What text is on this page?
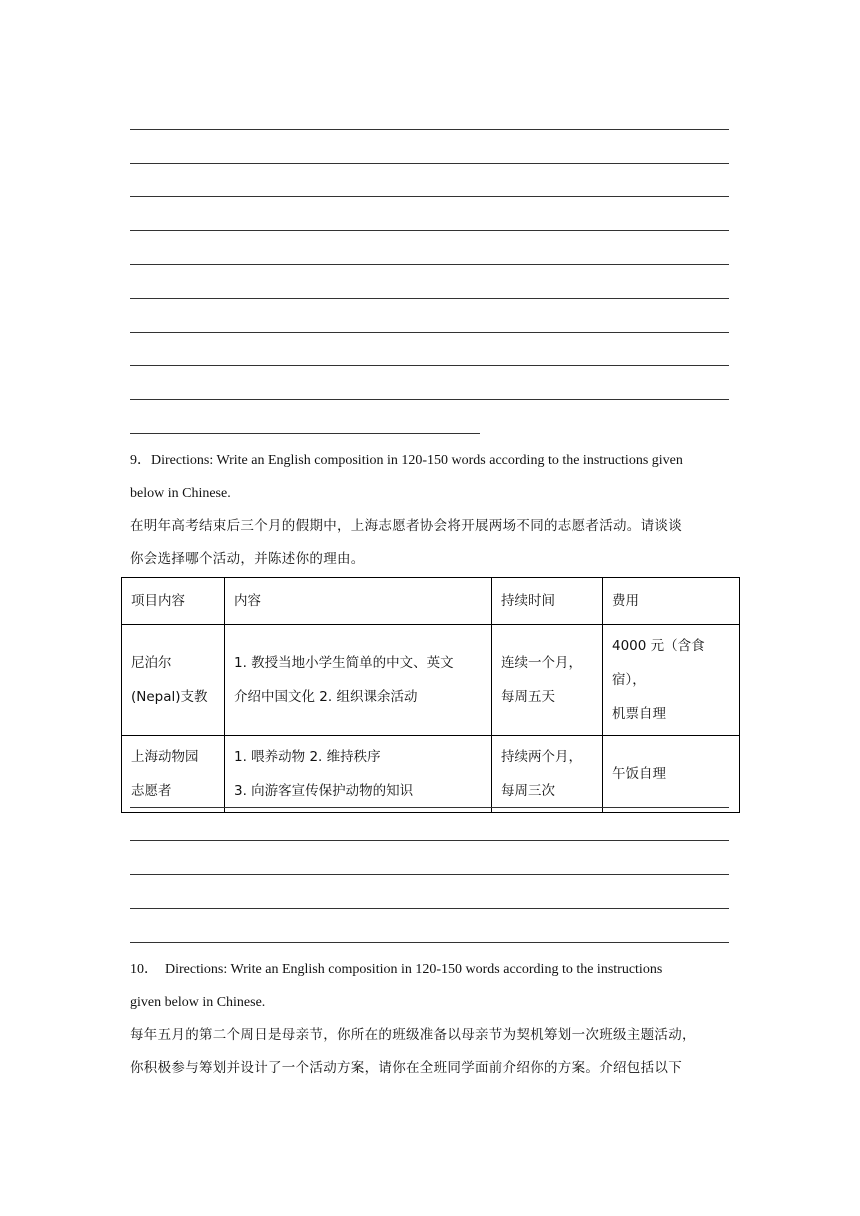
9．Directions: Write an English composition in 120-150 words according to the instructions given
below in Chinese.

在明年高考结束后三个月的假期中，上海志愿者协会将开展两场不同的志愿者活动。请谈谈
你会选择哪个活动，并陈述你的理由。

项目内容	内容	持续时间	费用

尼泊尔
(Nepal)支教	1. 教授当地小学生简单的中文、英文
介绍中国文化 2. 组织课余活动	连续一个月，
每周五天	4000 元（含食宿），
机票自理

上海动物园
志愿者	1. 喂养动物 2. 维持秩序
3. 向游客宣传保护动物的知识	持续两个月，
每周三次	午饭自理

10． Directions: Write an English composition in 120-150 words according to the instructions
given below in Chinese.

每年五月的第二个周日是母亲节，你所在的班级准备以母亲节为契机筹划一次班级主题活动，
你积极参与筹划并设计了一个活动方案，请你在全班同学面前介绍你的方案。介绍包括以下
